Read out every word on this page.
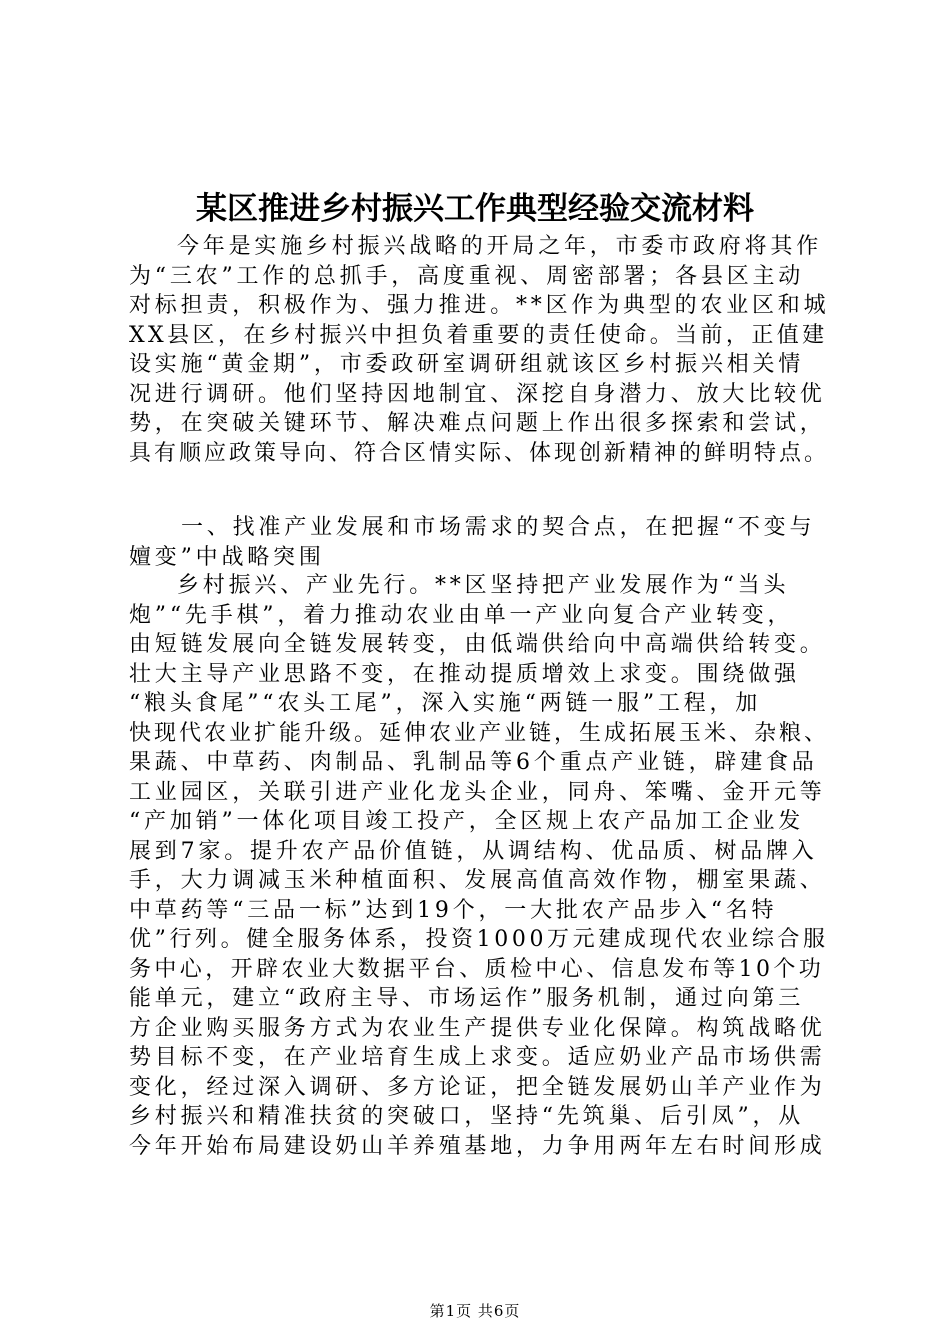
某区推进乡村振兴工作典型经验交流材料
今年是实施乡村振兴战略的开局之年，市委市政府将其作
为“三农”工作的总抓手，高度重视、周密部署；各县区主动
对标担责，积极作为、强力推进。**区作为典型的农业区和城
XX县区，在乡村振兴中担负着重要的责任使命。当前，正值建
设实施“黄金期”，市委政研室调研组就该区乡村振兴相关情
况进行调研。他们坚持因地制宜、深挖自身潜力、放大比较优
势，在突破关键环节、解决难点问题上作出很多探索和尝试，
具有顺应政策导向、符合区情实际、体现创新精神的鲜明特点。
一、找准产业发展和市场需求的契合点，在把握“不变与
嬗变”中战略突围
乡村振兴、产业先行。**区坚持把产业发展作为“当头
炮”“先手棋”，着力推动农业由单一产业向复合产业转变，
由短链发展向全链发展转变，由低端供给向中高端供给转变。
壮大主导产业思路不变，在推动提质增效上求变。围绕做强
“粮头食尾”“农头工尾”，深入实施“两链一服”工程，加
快现代农业扩能升级。延伸农业产业链，生成拓展玉米、杂粮、
果蔬、中草药、肉制品、乳制品等6个重点产业链，辟建食品
工业园区，关联引进产业化龙头企业，同舟、笨嘴、金开元等
“产加销”一体化项目竣工投产，全区规上农产品加工企业发
展到7家。提升农产品价值链，从调结构、优品质、树品牌入
手，大力调减玉米种植面积、发展高值高效作物，棚室果蔬、
中草药等“三品一标”达到19个，一大批农产品步入“名特
优”行列。健全服务体系，投资1000万元建成现代农业综合服
务中心，开辟农业大数据平台、质检中心、信息发布等10个功
能单元，建立“政府主导、市场运作”服务机制，通过向第三
方企业购买服务方式为农业生产提供专业化保障。构筑战略优
势目标不变，在产业培育生成上求变。适应奶业产品市场供需
变化，经过深入调研、多方论证，把全链发展奶山羊产业作为
乡村振兴和精准扶贫的突破口，坚持“先筑巢、后引凤”，从
今年开始布局建设奶山羊养殖基地，力争用两年左右时间形成
第1页 共6页
